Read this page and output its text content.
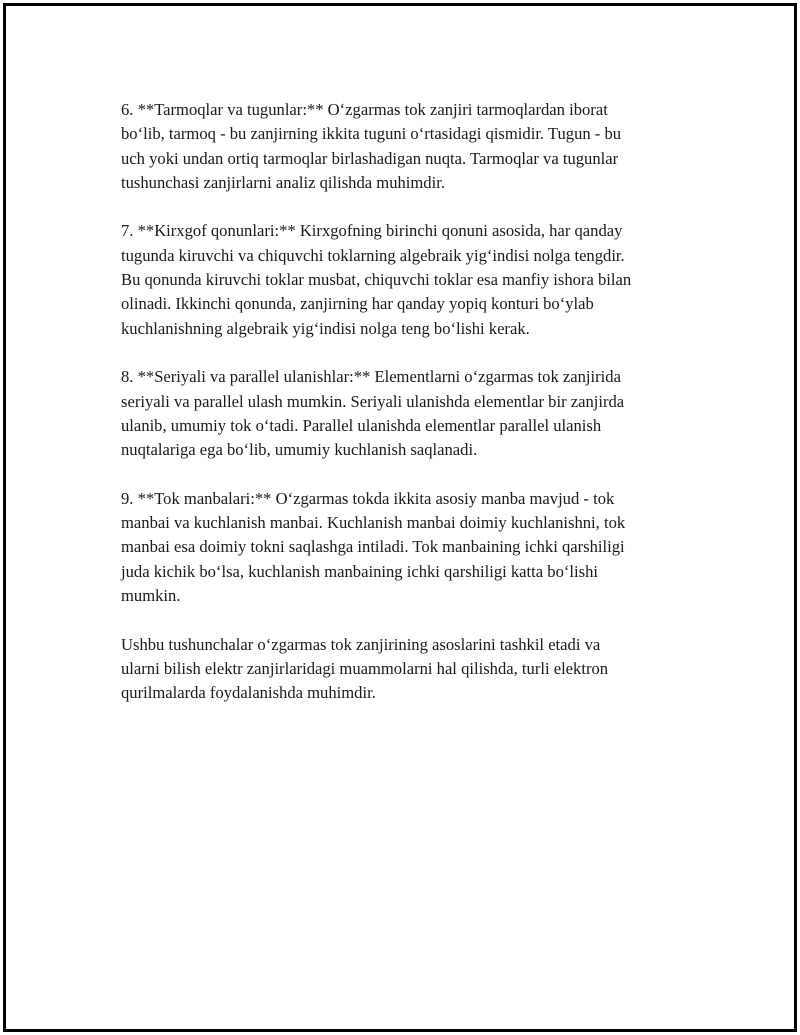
6. **Tarmoqlar va tugunlar:** O‘zgarmas tok zanjiri tarmoqlardan iborat
bo‘lib, tarmoq - bu zanjirning ikkita tuguni o‘rtasidagi qismidir. Tugun - bu
uch yoki undan ortiq tarmoqlar birlashadigan nuqta. Tarmoqlar va tugunlar
tushunchasi zanjirlarni analiz qilishda muhimdir.

7. **Kirxgof qonunlari:** Kirxgofning birinchi qonuni asosida, har qanday
tugunda kiruvchi va chiquvchi toklarning algebraik yig‘indisi nolga tengdir.
Bu qonunda kiruvchi toklar musbat, chiquvchi toklar esa manfiy ishora bilan
olinadi. Ikkinchi qonunda, zanjirning har qanday yopiq konturi bo‘ylab
kuchlanishning algebraik yig‘indisi nolga teng bo‘lishi kerak.

8. **Seriyali va parallel ulanishlar:** Elementlarni o‘zgarmas tok zanjirida
seriyali va parallel ulash mumkin. Seriyali ulanishda elementlar bir zanjirda
ulanib, umumiy tok o‘tadi. Parallel ulanishda elementlar parallel ulanish
nuqtalariga ega bo‘lib, umumiy kuchlanish saqlanadi.

9. **Tok manbalari:** O‘zgarmas tokda ikkita asosiy manba mavjud - tok
manbai va kuchlanish manbai. Kuchlanish manbai doimiy kuchlanishni, tok
manbai esa doimiy tokni saqlashga intiladi. Tok manbaining ichki qarshiligi
juda kichik bo‘lsa, kuchlanish manbaining ichki qarshiligi katta bo‘lishi
mumkin.

Ushbu tushunchalar o‘zgarmas tok zanjirining asoslarini tashkil etadi va
ularni bilish elektr zanjirlaridagi muammolarni hal qilishda, turli elektron
qurilmalarda foydalanishda muhimdir.
